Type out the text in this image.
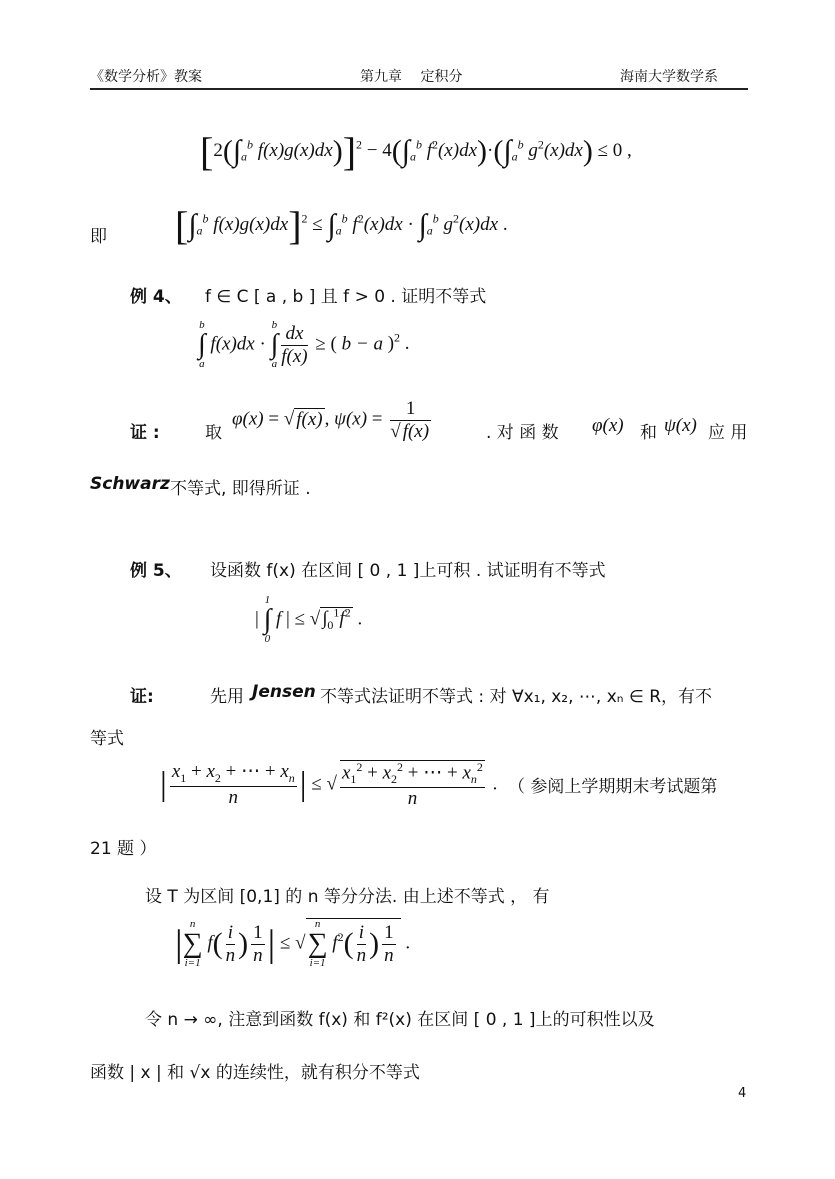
《数学分析》教案	第九章　 定积分	海南大学数学系
[$2(\int_a^b$ $f(x)g(x)dx)]^2 - 4(\int_a^b$ $f^2(x)dx)\cdot(\int_a^b$ $g^2(x)dx) \le 0$ ,
即 [$\int_a^b$ $f(x)g(x)dx]^2 \le \int_a^b$ $f^2(x)dx \cdot \int_a^b$ $g^2(x)dx$ .
例 4、 f ∈ C [ a , b ] 且 f > 0 . 证明不等式
b
∫
a
f(x)dx ·
b
∫
a $\frac{dx}{f(x)}$ ≥ ( b − a )$^2$ .
证 :	取
φ(x) = √ f(x) , $\psi(x) = \frac{1}{√ f(x)}$	. 对 函 数 φ(x) 和 ψ(x) 应 用
Schwarz 不等式, 即得所证 .
例 5、 设函数 f(x) 在区间 [ 0 , 1 ]上可积 . 试证明有不等式
|
1
∫
0
f | ≤ √ $\int_0^1f^2$ .
证:	先用 Jensen 不等式法证明不等式 : 对 ∀x₁, x₂, ⋯, xₙ ∈ R，有不
等式
| $\frac{x_1 + x_2 + \cdots + x_n}{n}$ | ≤ √ $\frac{x_1^2 + x_2^2 + \cdots + x_n^2}{n}$ . （ 参阅上学期期末考试题第
21 题 ）
设 T 为区间 [0,1] 的 n 等分分法. 由上述不等式 ， 有
| n
∑
i=1
$f( \frac{i}{n}$ ) $\frac{1}{n}$ | ≤ √
n
∑
i=1
$f^2( \frac{i}{n}$ ) $\frac{1}{n}$ .
令 n → ∞, 注意到函数 f(x) 和 f²(x) 在区间 [ 0 , 1 ]上的可积性以及
函数 | x | 和 √x 的连续性，就有积分不等式
4
